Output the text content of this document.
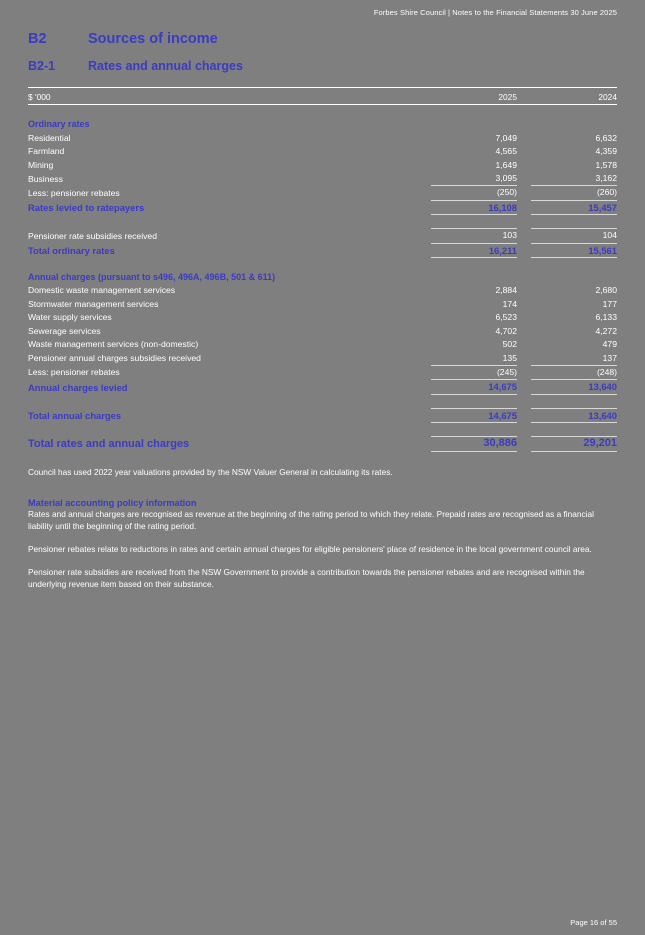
Forbes Shire Council | Notes to the Financial Statements 30 June 2025
B2	Sources of income
B2-1	Rates and annual charges

$ '000		2025		2024

Ordinary rates				
Residential		7,049		6,632
Farmland		4,565		4,359
Mining		1,649		1,578
Business		3,095		3,162
Less: pensioner rebates		(250)		(260)
Rates levied to ratepayers		16,108		15,457

Pensioner rate subsidies received		103		104
Total ordinary rates		16,211		15,561

Annual charges (pursuant to s496, 496A, 496B, 501 & 611)				
Domestic waste management services		2,884		2,680
Stormwater management services		174		177
Water supply services		6,523		6,133
Sewerage services		4,702		4,272
Waste management services (non-domestic)		502		479
Pensioner annual charges subsidies received		135		137
Less: pensioner rebates		(245)		(248)
Annual charges levied		14,675		13,640

Total annual charges		14,675		13,640

Total rates and annual charges		30,886		29,201
Council has used 2022 year valuations provided by the NSW Valuer General in calculating its rates.
Material accounting policy information
Rates and annual charges are recognised as revenue at the beginning of the rating period to which they relate. Prepaid rates are recognised as a financial liability until the beginning of the rating period.
Pensioner rebates relate to reductions in rates and certain annual charges for eligible pensioners' place of residence in the local government council area.
Pensioner rate subsidies are received from the NSW Government to provide a contribution towards the pensioner rebates and are recognised within the underlying revenue item based on their substance.
Page 16 of 55
